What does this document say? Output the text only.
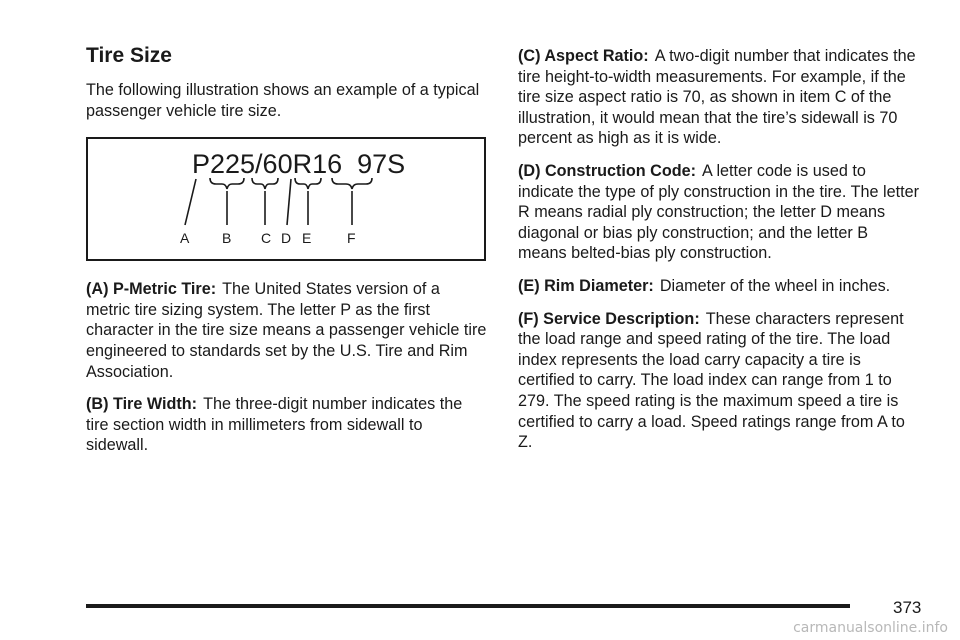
Tire Size

The following illustration shows an example of a typical passenger vehicle tire size.

P225/60R16  97S
A B C D E	F

(A) P-Metric Tire: The United States version of a metric tire sizing system. The letter P as the first character in the tire size means a passenger vehicle tire engineered to standards set by the U.S. Tire and Rim Association.

(B) Tire Width: The three-digit number indicates the tire section width in millimeters from sidewall to sidewall.

(C) Aspect Ratio: A two-digit number that indicates the tire height-to-width measurements. For example, if the tire size aspect ratio is 70, as shown in item C of the illustration, it would mean that the tire’s sidewall is 70 percent as high as it is wide.

(D) Construction Code: A letter code is used to indicate the type of ply construction in the tire. The letter R means radial ply construction; the letter D means diagonal or bias ply construction; and the letter B means belted-bias ply construction.

(E) Rim Diameter: Diameter of the wheel in inches.

(F) Service Description: These characters represent the load range and speed rating of the tire. The load index represents the load carry capacity a tire is certified to carry. The load index can range from 1 to 279. The speed rating is the maximum speed a tire is certified to carry a load. Speed ratings range from A to Z.

373
carmanualsonline.info
